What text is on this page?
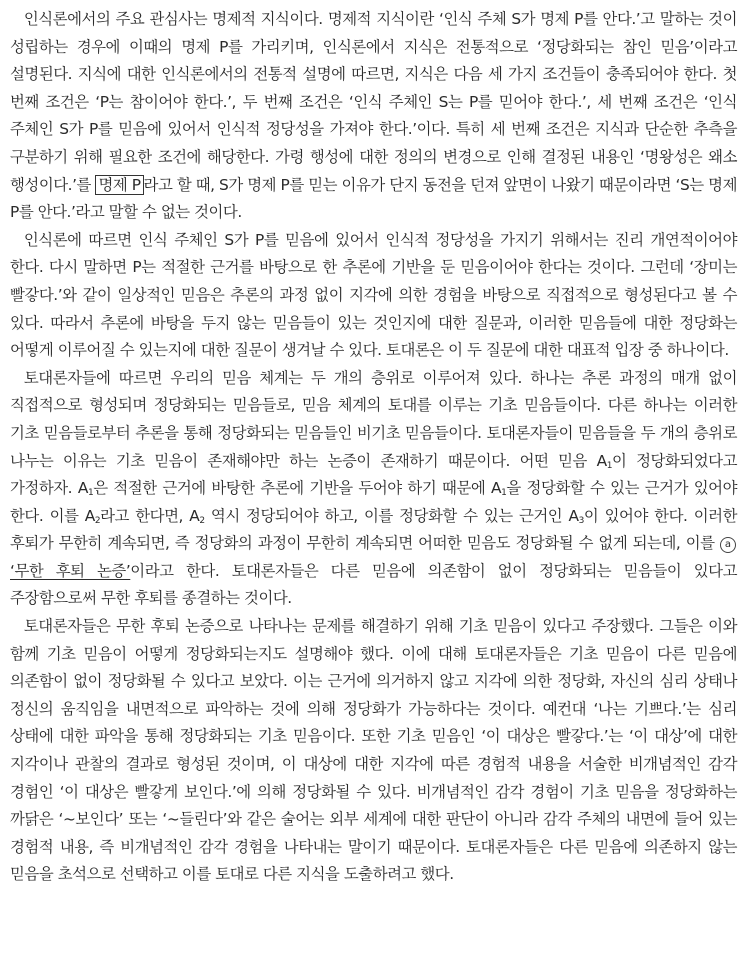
인식론에서의 주요 관심사는 명제적 지식이다. 명제적 지식이란 ‘인식 주체 S가 명제 P를 안다.’고 말하는 것이 성립하는 경우에 이때의 명제 P를 가리키며, 인식론에서 지식은 전통적으로 ‘정당화되는 참인 믿음’이라고 설명된다. 지식에 대한 인식론에서의 전통적 설명에 따르면, 지식은 다음 세 가지 조건들이 충족되어야 한다. 첫 번째 조건은 ‘P는 참이어야 한다.’, 두 번째 조건은 ‘인식 주체인 S는 P를 믿어야 한다.’, 세 번째 조건은 ‘인식 주체인 S가 P를 믿음에 있어서 인식적 정당성을 가져야 한다.’이다. 특히 세 번째 조건은 지식과 단순한 추측을 구분하기 위해 필요한 조건에 해당한다. 가령 행성에 대한 정의의 변경으로 인해 결정된 내용인 ‘명왕성은 왜소 행성이다.’를 명제 P 라고 할 때, S가 명제 P를 믿는 이유가 단지 동전을 던져 앞면이 나왔기 때문이라면 ‘S는 명제 P를 안다.’라고 말할 수 없는 것이다.

인식론에 따르면 인식 주체인 S가 P를 믿음에 있어서 인식적 정당성을 가지기 위해서는 진리 개연적이어야 한다. 다시 말하면 P는 적절한 근거를 바탕으로 한 추론에 기반을 둔 믿음이어야 한다는 것이다. 그런데 ‘장미는 빨갛다.’와 같이 일상적인 믿음은 추론의 과정 없이 지각에 의한 경험을 바탕으로 직접적으로 형성된다고 볼 수 있다. 따라서 추론에 바탕을 두지 않는 믿음들이 있는 것인지에 대한 질문과, 이러한 믿음들에 대한 정당화는 어떻게 이루어질 수 있는지에 대한 질문이 생겨날 수 있다. 토대론은 이 두 질문에 대한 대표적 입장 중 하나이다.

토대론자들에 따르면 우리의 믿음 체계는 두 개의 층위로 이루어져 있다. 하나는 추론 과정의 매개 없이 직접적으로 형성되며 정당화되는 믿음들로, 믿음 체계의 토대를 이루는 기초 믿음들이다. 다른 하나는 이러한 기초 믿음들로부터 추론을 통해 정당화되는 믿음들인 비기초 믿음들이다. 토대론자들이 믿음들을 두 개의 층위로 나누는 이유는 기초 믿음이 존재해야만 하는 논증이 존재하기 때문이다. 어떤 믿음 $A_1$이 정당화되었다고 가정하자. $A_1$은 적절한 근거에 바탕한 추론에 기반을 두어야 하기 때문에 $A_1$을 정당화할 수 있는 근거가 있어야 한다. 이를 $A_2$라고 한다면, $A_2$ 역시 정당되어야 하고, 이를 정당화할 수 있는 근거인 $A_3$이 있어야 한다. 이러한 후퇴가 무한히 계속되면, 즉 정당화의 과정이 무한히 계속되면 어떠한 믿음도 정당화될 수 없게 되는데, 이를 a‘무한 후퇴 논증’이라고 한다. 토대론자들은 다른 믿음에 의존함이 없이 정당화되는 믿음들이 있다고 주장함으로써 무한 후퇴를 종결하는 것이다.

토대론자들은 무한 후퇴 논증으로 나타나는 문제를 해결하기 위해 기초 믿음이 있다고 주장했다. 그들은 이와 함께 기초 믿음이 어떻게 정당화되는지도 설명해야 했다. 이에 대해 토대론자들은 기초 믿음이 다른 믿음에 의존함이 없이 정당화될 수 있다고 보았다. 이는 근거에 의거하지 않고 지각에 의한 정당화, 자신의 심리 상태나 정신의 움직임을 내면적으로 파악하는 것에 의해 정당화가 가능하다는 것이다. 예컨대 ‘나는 기쁘다.’는 심리 상태에 대한 파악을 통해 정당화되는 기초 믿음이다. 또한 기초 믿음인 ‘이 대상은 빨갛다.’는 ‘이 대상’에 대한 지각이나 관찰의 결과로 형성된 것이며, 이 대상에 대한 지각에 따른 경험적 내용을 서술한 비개념적인 감각 경험인 ‘이 대상은 빨갛게 보인다.’에 의해 정당화될 수 있다. 비개념적인 감각 경험이 기초 믿음을 정당화하는 까닭은 ‘~보인다’ 또는 ‘~들린다’와 같은 술어는 외부 세계에 대한 판단이 아니라 감각 주체의 내면에 들어 있는 경험적 내용, 즉 비개념적인 감각 경험을 나타내는 말이기 때문이다. 토대론자들은 다른 믿음에 의존하지 않는 믿음을 초석으로 선택하고 이를 토대로 다른 지식을 도출하려고 했다.
